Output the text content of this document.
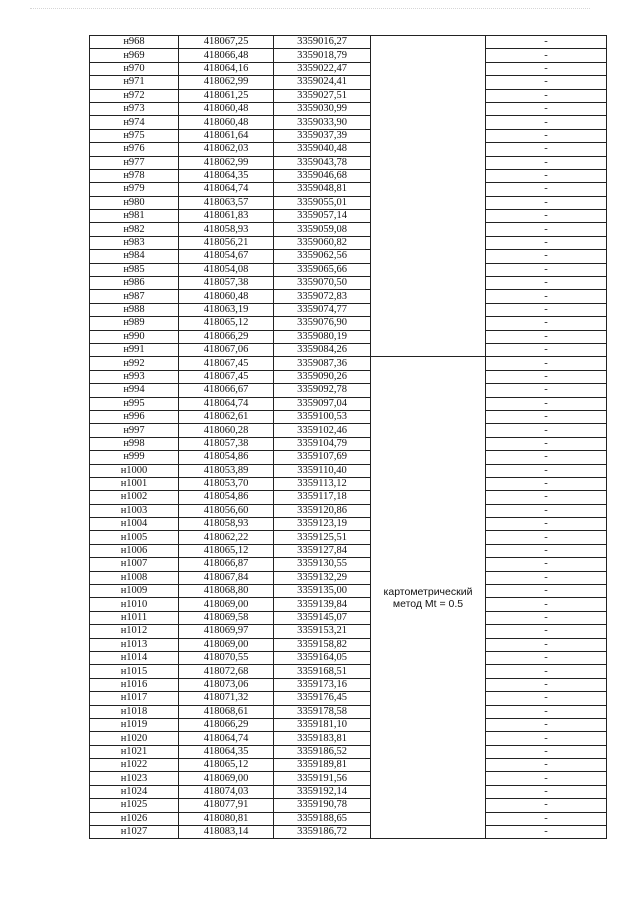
н968	418067,25	3359016,27		-
н969	418066,48	3359018,79		-
н970	418064,16	3359022,47		-
н971	418062,99	3359024,41		-
н972	418061,25	3359027,51		-
н973	418060,48	3359030,99		-
н974	418060,48	3359033,90		-
н975	418061,64	3359037,39		-
н976	418062,03	3359040,48		-
н977	418062,99	3359043,78		-
н978	418064,35	3359046,68		-
н979	418064,74	3359048,81		-
н980	418063,57	3359055,01		-
н981	418061,83	3359057,14		-
н982	418058,93	3359059,08		-
н983	418056,21	3359060,82		-
н984	418054,67	3359062,56		-
н985	418054,08	3359065,66		-
н986	418057,38	3359070,50		-
н987	418060,48	3359072,83		-
н988	418063,19	3359074,77		-
н989	418065,12	3359076,90		-
н990	418066,29	3359080,19		-
н991	418067,06	3359084,26		-
н992	418067,45	3359087,36	картометрический
метод Mt = 0.5	-
н993	418067,45	3359090,26		-
н994	418066,67	3359092,78		-
н995	418064,74	3359097,04		-
н996	418062,61	3359100,53		-
н997	418060,28	3359102,46		-
н998	418057,38	3359104,79		-
н999	418054,86	3359107,69		-
н1000	418053,89	3359110,40		-
н1001	418053,70	3359113,12		-
н1002	418054,86	3359117,18		-
н1003	418056,60	3359120,86		-
н1004	418058,93	3359123,19		-
н1005	418062,22	3359125,51		-
н1006	418065,12	3359127,84		-
н1007	418066,87	3359130,55		-
н1008	418067,84	3359132,29		-
н1009	418068,80	3359135,00		-
н1010	418069,00	3359139,84		-
н1011	418069,58	3359145,07		-
н1012	418069,97	3359153,21		-
н1013	418069,00	3359158,82		-
н1014	418070,55	3359164,05		-
н1015	418072,68	3359168,51		-
н1016	418073,06	3359173,16		-
н1017	418071,32	3359176,45		-
н1018	418068,61	3359178,58		-
н1019	418066,29	3359181,10		-
н1020	418064,74	3359183,81		-
н1021	418064,35	3359186,52		-
н1022	418065,12	3359189,81		-
н1023	418069,00	3359191,56		-
н1024	418074,03	3359192,14		-
н1025	418077,91	3359190,78		-
н1026	418080,81	3359188,65		-
н1027	418083,14	3359186,72		-
